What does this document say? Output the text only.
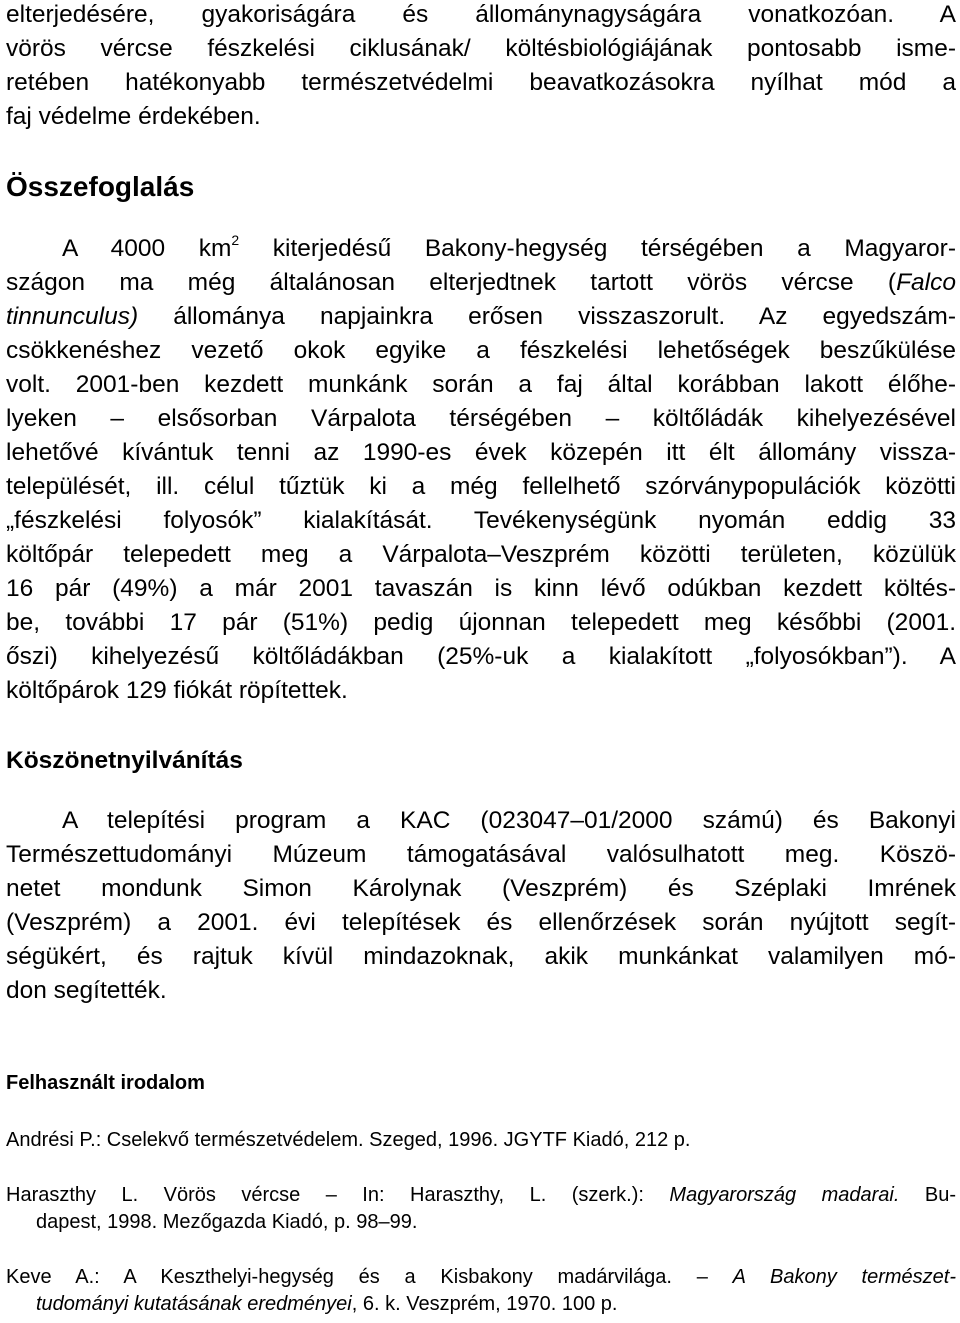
elterjedésére, gyakoriságára és állománynagyságára vonatkozóan. A
vörös vércse fészkelési ciklusának/ költésbiológiájának pontosabb isme-
retében hatékonyabb természetvédelmi beavatkozásokra nyílhat mód a
faj védelme érdekében.
Összefoglalás
A 4000 $km^2$ kiterjedésű Bakony-hegység térségében a Magyaror-
szágon ma még általánosan elterjedtnek tartott vörös vércse (Falco
tinnunculus) állománya napjainkra erősen visszaszorult. Az egyedszám-
csökkenéshez vezető okok egyike a fészkelési lehetőségek beszűkülése
volt. 2001-ben kezdett munkánk során a faj által korábban lakott élőhe-
lyeken – elsősorban Várpalota térségében – költőládák kihelyezésével
lehetővé kívántuk tenni az 1990-es évek közepén itt élt állomány vissza-
települését, ill. célul tűztük ki a még fellelhető szórványpopulációk közötti
„fészkelési folyosók” kialakítását. Tevékenységünk nyomán eddig 33
költőpár telepedett meg a Várpalota–Veszprém közötti területen, közülük
16 pár (49%) a már 2001 tavaszán is kinn lévő odúkban kezdett költés-
be, további 17 pár (51%) pedig újonnan telepedett meg későbbi (2001.
őszi) kihelyezésű költőládákban (25%-uk a kialakított „folyosókban”). A
költőpárok 129 fiókát röpítettek.
Köszönetnyilvánítás
A telepítési program a KAC (023047–01/2000 számú) és Bakonyi
Természettudományi Múzeum támogatásával valósulhatott meg. Köszö-
netet mondunk Simon Károlynak (Veszprém) és Széplaki Imrének
(Veszprém) a 2001. évi telepítések és ellenőrzések során nyújtott segít-
ségükért, és rajtuk kívül mindazoknak, akik munkánkat valamilyen mó-
don segítették.
Felhasznált irodalom
Andrési P.: Cselekvő természetvédelem. Szeged, 1996. JGYTF Kiadó, 212 p.
Haraszthy L. Vörös vércse – In: Haraszthy, L. (szerk.): Magyarország madarai. Bu-
dapest, 1998. Mezőgazda Kiadó, p. 98–99.
Keve A.: A Keszthelyi-hegység és a Kisbakony madárvilága. – A Bakony természet-
tudományi kutatásának eredményei, 6. k. Veszprém, 1970. 100 p.
